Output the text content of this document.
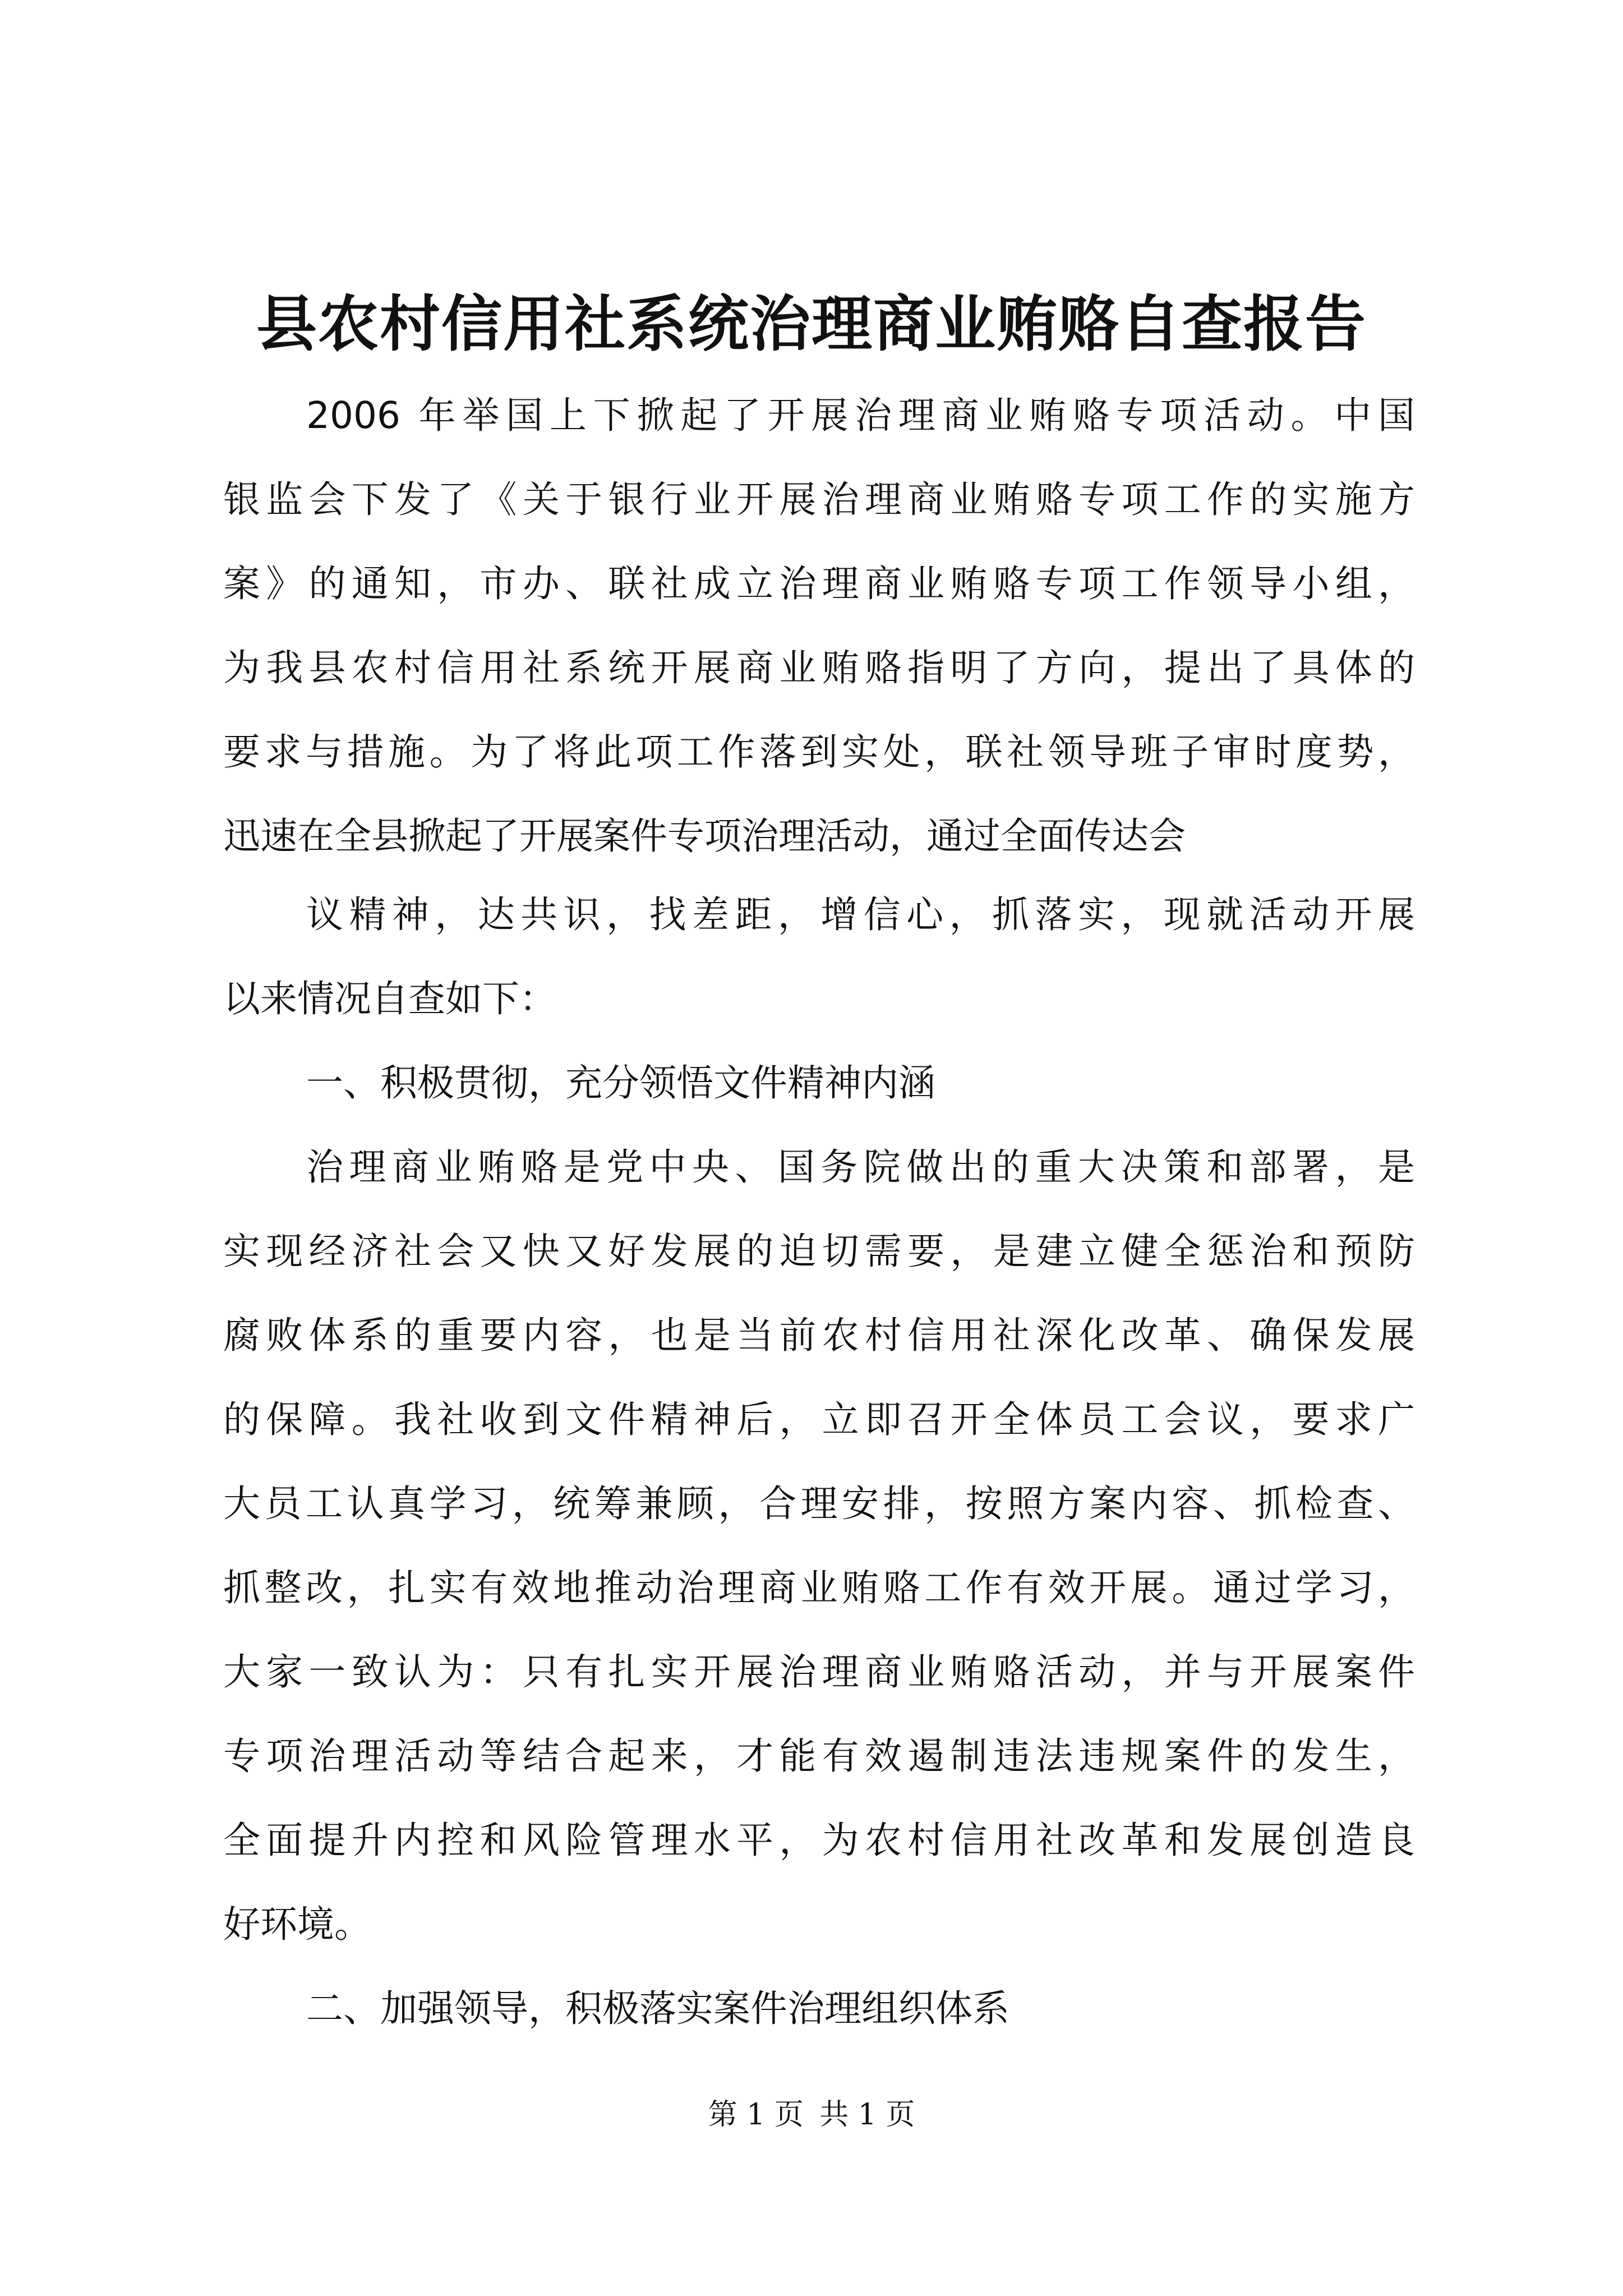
县农村信用社系统治理商业贿赂自查报告

2006 年举国上下掀起了开展治理商业贿赂专项活动。中国
银监会下发了《关于银行业开展治理商业贿赂专项工作的实施方
案》的通知，市办、联社成立治理商业贿赂专项工作领导小组，
为我县农村信用社系统开展商业贿赂指明了方向，提出了具体的
要求与措施。为了将此项工作落到实处，联社领导班子审时度势，
迅速在全县掀起了开展案件专项治理活动，通过全面传达会

议精神，达共识，找差距，增信心，抓落实，现就活动开展
以来情况自查如下：

一、积极贯彻，充分领悟文件精神内涵

治理商业贿赂是党中央、国务院做出的重大决策和部署，是
实现经济社会又快又好发展的迫切需要，是建立健全惩治和预防
腐败体系的重要内容，也是当前农村信用社深化改革、确保发展
的保障。我社收到文件精神后，立即召开全体员工会议，要求广
大员工认真学习，统筹兼顾，合理安排，按照方案内容、抓检查、
抓整改，扎实有效地推动治理商业贿赂工作有效开展。通过学习，
大家一致认为：只有扎实开展治理商业贿赂活动，并与开展案件
专项治理活动等结合起来，才能有效遏制违法违规案件的发生，
全面提升内控和风险管理水平，为农村信用社改革和发展创造良
好环境。

二、加强领导，积极落实案件治理组织体系

第 1 页 共 1 页
